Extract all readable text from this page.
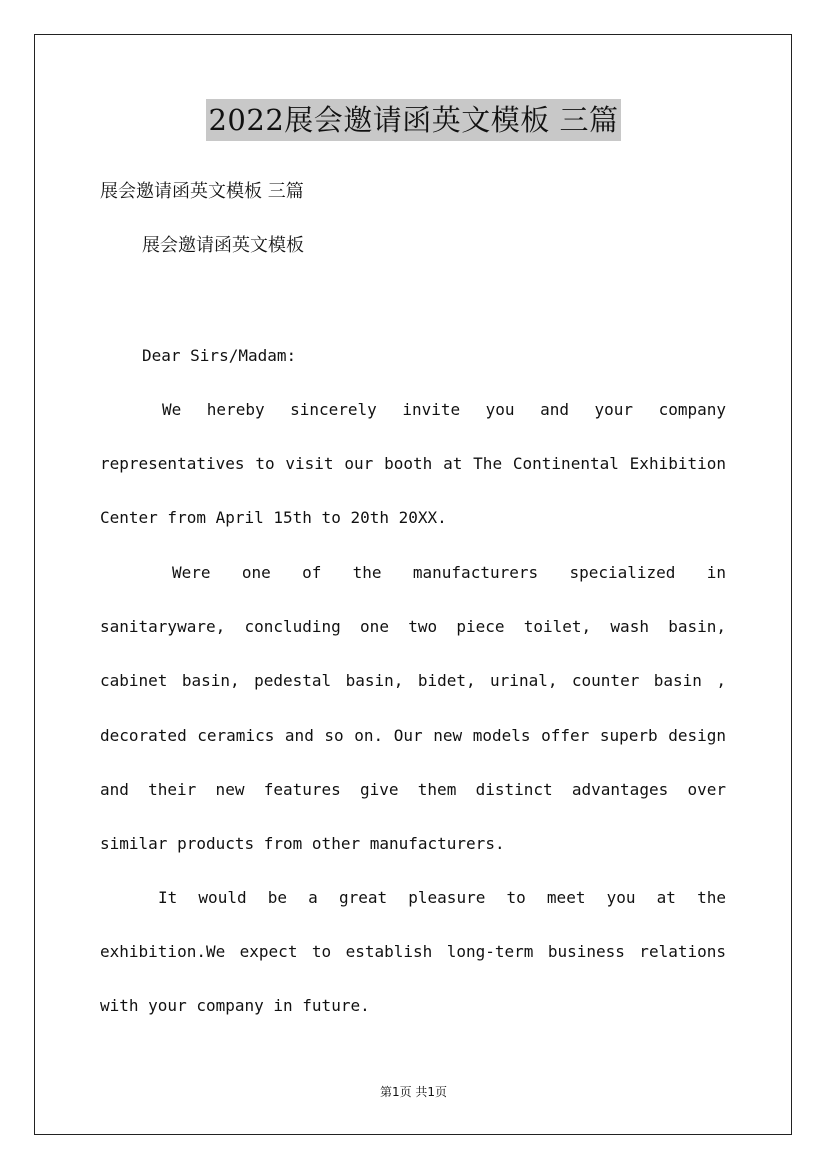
2022展会邀请函英文模板 三篇
展会邀请函英文模板 三篇
展会邀请函英文模板
Dear Sirs/Madam:
We hereby sincerely invite you and your company representatives to visit our booth at The Continental Exhibition Center from April 15th to 20th 20XX.
Were one of the manufacturers specialized in sanitaryware, concluding one two piece toilet, wash basin, cabinet basin, pedestal basin, bidet, urinal, counter basin , decorated ceramics and so on. Our new models offer superb design and their new features give them distinct advantages over similar products from other manufacturers.
It would be a great pleasure to meet you at the exhibition.We expect to establish long-term business relations with your company in future.
第1页 共1页
